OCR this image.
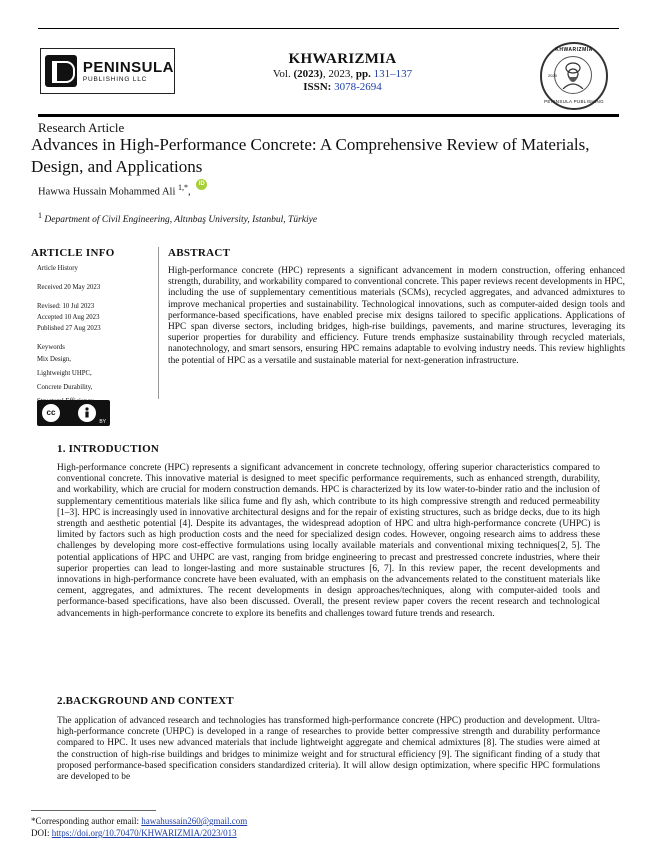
PENINSULA
PUBLISHING LLC
KHWARIZMIA
Vol. (2023), 2023, pp. 131–137
ISSN: 3078-2694
KHWARIZMIA
PENINSULA PUBLISHING
2025
Research Article
Advances in High-Performance Concrete: A Comprehensive Review of Materials, Design, and Applications
Hawwa Hussain Mohammed Ali $^{1,*}$, iD
$^1$ Department of Civil Engineering, Altınbaş University, Istanbul, Türkiye
ARTICLE INFO
Article History
Received 20 May 2023
Revised: 10 Jul 2023
Accepted 10 Aug 2023
Published 27 Aug 2023
Keywords
Mix Design,
Lightweight UHPC,
Concrete Durability,
cc
BY
ABSTRACT
High-performance concrete (HPC) represents a significant advancement in modern construction, offering enhanced strength, durability, and workability compared to conventional concrete. This paper reviews recent developments in HPC, including the use of supplementary cementitious materials (SCMs), recycled aggregates, and advanced admixtures to improve mechanical properties and sustainability. Technological innovations, such as computer-aided design tools and performance-based specifications, have enabled precise mix designs tailored to specific applications. Applications of HPC span diverse sectors, including bridges, high-rise buildings, pavements, and marine structures, leveraging its superior properties for durability and efficiency. Future trends emphasize sustainability through recycled materials, nanotechnology, and smart sensors, ensuring HPC remains adaptable to evolving industry needs. This review highlights the potential of HPC as a versatile and sustainable material for next-generation infrastructure.
1. INTRODUCTION
High-performance concrete (HPC) represents a significant advancement in concrete technology, offering superior characteristics compared to conventional concrete. This innovative material is designed to meet specific performance requirements, such as enhanced strength, durability, and workability, which are crucial for modern construction demands. HPC is characterized by its low water-to-binder ratio and the inclusion of supplementary cementitious materials like silica fume and fly ash, which contribute to its high compressive strength and reduced permeability [1–3]. HPC is increasingly used in innovative architectural designs and for the repair of existing structures, such as bridge decks, due to its high strength and aesthetic potential [4]. Despite its advantages, the widespread adoption of HPC and ultra high-performance concrete (UHPC) is limited by factors such as high production costs and the need for specialized design codes. However, ongoing research aims to address these challenges by developing more cost-effective formulations using locally available materials and conventional mixing techniques[2, 5]. The potential applications of HPC and UHPC are vast, ranging from bridge engineering to precast and prestressed concrete industries, where their superior properties can lead to longer-lasting and more sustainable structures [6, 7]. In this review paper, the recent developments and innovations in high-performance concrete have been evaluated, with an emphasis on the advancements related to the constituent materials like cement, aggregates, and admixtures. The recent developments in design approaches/techniques, along with computer-aided tools and performance-based specifications, have also been discussed. Overall, the present review paper covers the recent research and technological advancements in high-performance concrete to explore its benefits and challenges toward future trends and research.
2.BACKGROUND AND CONTEXT
The application of advanced research and technologies has transformed high-performance concrete (HPC) production and development. Ultra-high-performance concrete (UHPC) is developed in a range of researches to provide better compressive strength and durability performance compared to HPC. It uses new advanced materials that include lightweight aggregate and chemical admixtures [8]. The studies were aimed at the construction of high-rise buildings and bridges to minimize weight and for structural efficiency [9]. The significant finding of a study that proposed performance-based specification considers standardized criteria). It will allow design optimization, where specific HPC formulations are developed to be
*Corresponding author email: hawahussain260@gmail.com
DOI: https://doi.org/10.70470/KHWARIZMIA/2023/013
